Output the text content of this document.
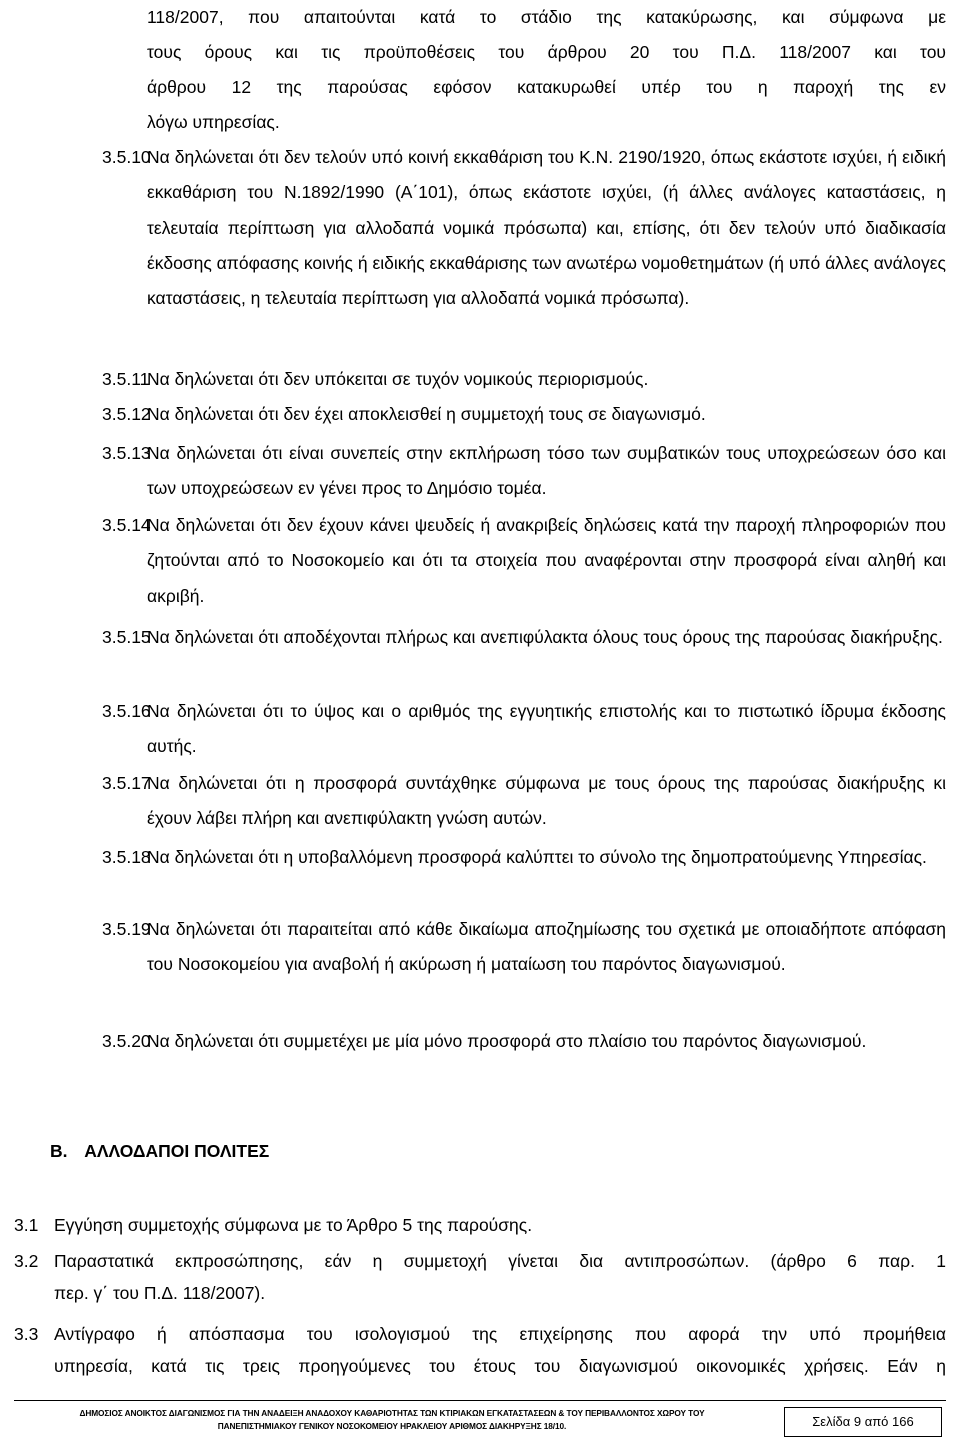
118/2007, που απαιτούνται κατά το στάδιο της κατακύρωσης, και σύμφωνα με
τους όρους και τις προϋποθέσεις του άρθρου 20 του Π.Δ. 118/2007 και του
άρθρου 12 της παρούσας εφόσον κατακυρωθεί υπέρ του η παροχή της εν
λόγω υπηρεσίας.
3.5.10
Να δηλώνεται ότι δεν τελούν υπό κοινή εκκαθάριση του Κ.Ν. 2190/1920, όπως εκάστοτε ισχύει, ή ειδική εκκαθάριση του Ν.1892/1990 (Α΄101), όπως εκάστοτε ισχύει, (ή άλλες ανάλογες καταστάσεις, η τελευταία περίπτωση για αλλοδαπά νομικά πρόσωπα) και, επίσης, ότι δεν τελούν υπό διαδικασία έκδοσης απόφασης κοινής ή ειδικής εκκαθάρισης των ανωτέρω νομοθετημάτων (ή υπό άλλες ανάλογες καταστάσεις, η τελευταία περίπτωση για αλλοδαπά νομικά πρόσωπα).
3.5.11
Να δηλώνεται ότι δεν υπόκειται σε τυχόν νομικούς περιορισμούς.
3.5.12
Να δηλώνεται ότι δεν έχει αποκλεισθεί η συμμετοχή τους σε διαγωνισμό.
3.5.13
Να δηλώνεται ότι είναι συνεπείς στην εκπλήρωση τόσο των συμβατικών τους υποχρεώσεων όσο και των υποχρεώσεων εν γένει προς το Δημόσιο τομέα.
3.5.14
Να δηλώνεται ότι δεν έχουν κάνει ψευδείς ή ανακριβείς δηλώσεις κατά την παροχή πληροφοριών που ζητούνται από το Νοσοκομείο και ότι τα στοιχεία που αναφέρονται στην προσφορά είναι αληθή και ακριβή.
3.5.15
Να δηλώνεται ότι αποδέχονται πλήρως και ανεπιφύλακτα όλους τους όρους της παρούσας διακήρυξης.
3.5.16
Να δηλώνεται ότι το ύψος και ο αριθμός της εγγυητικής επιστολής και το πιστωτικό ίδρυμα έκδοσης αυτής.
3.5.17
Να δηλώνεται ότι η προσφορά συντάχθηκε σύμφωνα με τους όρους της παρούσας διακήρυξης κι έχουν λάβει πλήρη και ανεπιφύλακτη γνώση αυτών.
3.5.18
Να δηλώνεται ότι η υποβαλλόμενη προσφορά καλύπτει το σύνολο της δημοπρατούμενης Υπηρεσίας.
3.5.19
Να δηλώνεται ότι παραιτείται από κάθε δικαίωμα αποζημίωσης του σχετικά με οποιαδήποτε απόφαση του Νοσοκομείου για αναβολή ή ακύρωση ή ματαίωση του παρόντος διαγωνισμού.
3.5.20
Να δηλώνεται ότι συμμετέχει με μία μόνο προσφορά στο πλαίσιο του παρόντος διαγωνισμού.
Β. ΑΛΛΟΔΑΠΟΙ ΠΟΛΙΤΕΣ
3.1 Εγγύηση συμμετοχής σύμφωνα με το Άρθρο 5 της παρούσης.
3.2 Παραστατικά εκπροσώπησης, εάν η συμμετοχή γίνεται δια αντιπροσώπων. (άρθρο 6 παρ. 1
περ. γ΄ του Π.Δ. 118/2007).
3.3 Αντίγραφο ή απόσπασμα του ισολογισμού της επιχείρησης που αφορά την υπό προμήθεια
υπηρεσία, κατά τις τρεις προηγούμενες του έτους του διαγωνισμού οικονομικές χρήσεις. Εάν η
ΔΗΜΟΣΙΟΣ ΑΝΟΙΚΤΟΣ ΔΙΑΓΩΝΙΣΜΟΣ ΓΙΑ ΤΗΝ ΑΝΑΔΕΙΞΗ ΑΝΑΔΟΧΟΥ ΚΑΘΑΡΙΟΤΗΤΑΣ ΤΩΝ ΚΤΙΡΙΑΚΩΝ ΕΓΚΑΤΑΣΤΑΣΕΩΝ & ΤΟΥ ΠΕΡΙΒΑΛΛΟΝΤΟΣ ΧΩΡΟΥ ΤΟΥ
ΠΑΝΕΠΙΣΤΗΜΙΑΚΟΥ ΓΕΝΙΚΟΥ ΝΟΣΟΚΟΜΕΙΟΥ ΗΡΑΚΛΕΙΟΥ ΑΡΙΘΜΟΣ ΔΙΑΚΗΡΥΞΗΣ 18/10.	Σελίδα 9 από 166
